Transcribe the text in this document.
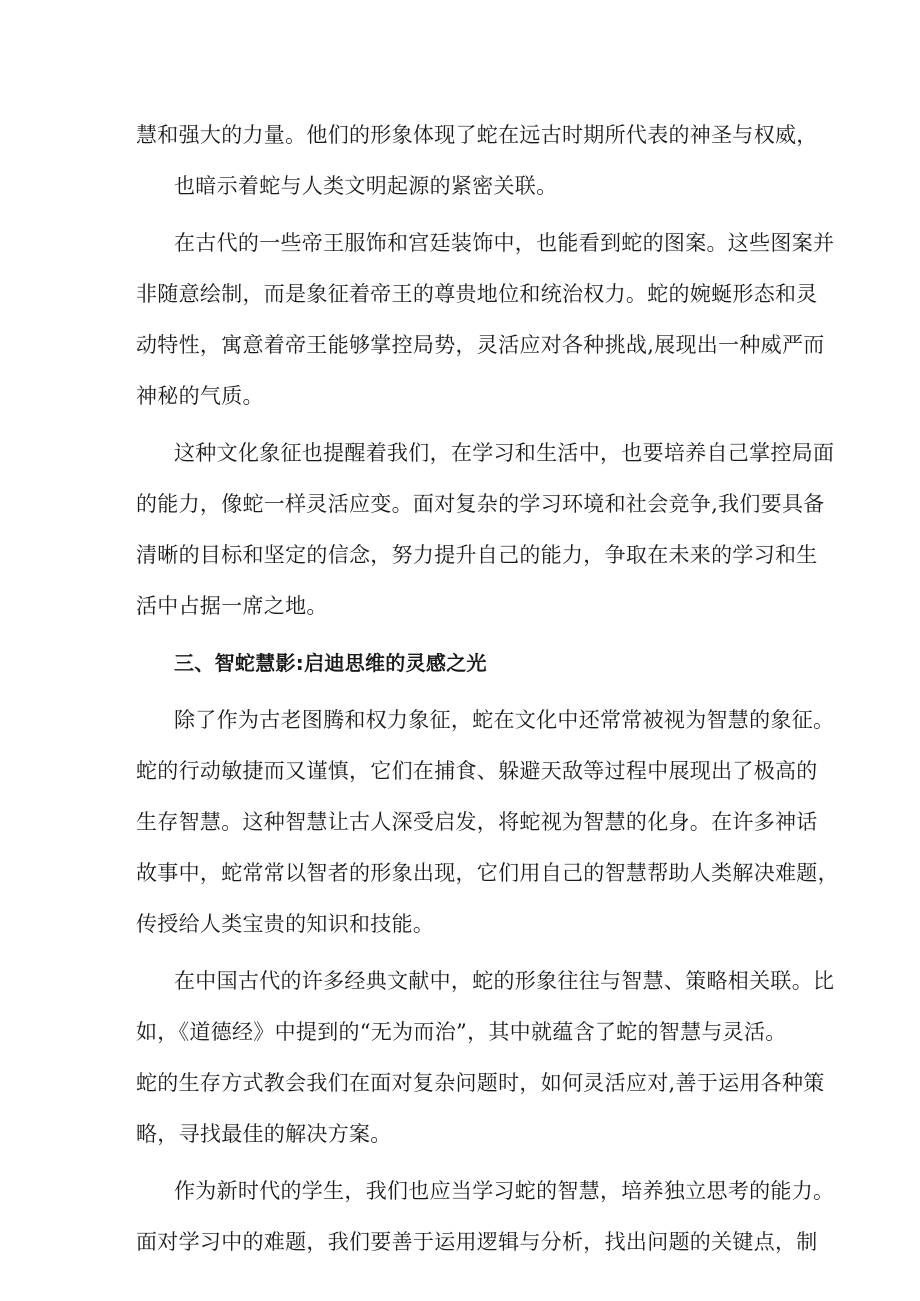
慧和强大的力量。他们的形象体现了蛇在远古时期所代表的神圣与权威，
也暗示着蛇与人类文明起源的紧密关联。
在古代的一些帝王服饰和宫廷装饰中，也能看到蛇的图案。这些图案并
非随意绘制，而是象征着帝王的尊贵地位和统治权力。蛇的婉蜒形态和灵
动特性，寓意着帝王能够掌控局势，灵活应对各种挑战,展现出一种威严而
神秘的气质。
这种文化象征也提醒着我们，在学习和生活中，也要培养自己掌控局面
的能力，像蛇一样灵活应变。面对复杂的学习环境和社会竞争,我们要具备
清晰的目标和坚定的信念，努力提升自己的能力，争取在未来的学习和生
活中占据一席之地。
三、智蛇慧影:启迪思维的灵感之光
除了作为古老图腾和权力象征，蛇在文化中还常常被视为智慧的象征。
蛇的行动敏捷而又谨慎，它们在捕食、躲避天敌等过程中展现出了极高的
生存智慧。这种智慧让古人深受启发，将蛇视为智慧的化身。在许多神话
故事中，蛇常常以智者的形象出现，它们用自己的智慧帮助人类解决难题，
传授给人类宝贵的知识和技能。
在中国古代的许多经典文献中，蛇的形象往往与智慧、策略相关联。比
如，《道德经》中提到的“无为而治”，其中就蕴含了蛇的智慧与灵活。
蛇的生存方式教会我们在面对复杂问题时，如何灵活应对,善于运用各种策
略，寻找最佳的解决方案。
作为新时代的学生，我们也应当学习蛇的智慧，培养独立思考的能力。
面对学习中的难题，我们要善于运用逻辑与分析，找出问题的关键点，制
